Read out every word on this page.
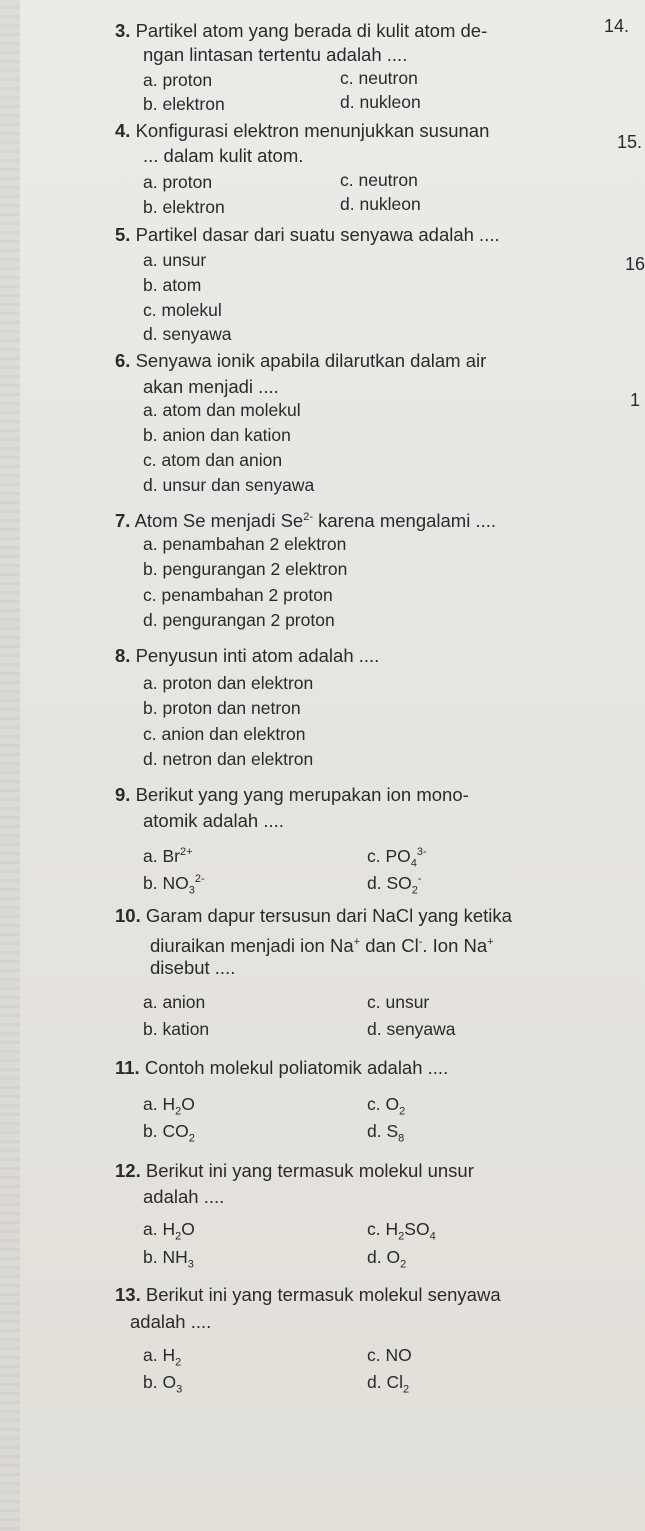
14.
15.
16
1
3. Partikel atom yang berada di kulit atom de-
ngan lintasan tertentu adalah ....
a. proton
b. elektron
c. neutron
d. nukleon
4. Konfigurasi elektron menunjukkan susunan
... dalam kulit atom.
a. proton
b. elektron
c. neutron
d. nukleon
5. Partikel dasar dari suatu senyawa adalah ....
a. unsur
b. atom
c. molekul
d. senyawa
6. Senyawa ionik apabila dilarutkan dalam air
akan menjadi ....
a. atom dan molekul
b. anion dan kation
c. atom dan anion
d. unsur dan senyawa
7. Atom Se menjadi $Se^{2-}$ karena mengalami ....
a. penambahan 2 elektron
b. pengurangan 2 elektron
c. penambahan 2 proton
d. pengurangan 2 proton
8. Penyusun inti atom adalah ....
a. proton dan elektron
b. proton dan netron
c. anion dan elektron
d. netron dan elektron
9. Berikut yang yang merupakan ion mono-
atomik adalah ....
a. $Br^{2+}$
b. $NO_3^{2-}$
c. $PO_4^{3-}$
d. $SO_2^-$
10. Garam dapur tersusun dari NaCl yang ketika
diuraikan menjadi ion Na+ dan Cl-. Ion Na+
disebut ....
a. anion
b. kation
c. unsur
d. senyawa
11. Contoh molekul poliatomik adalah ....
a. $H_2O$
b. $CO_2$
c. $O_2$
d. $S_8$
12. Berikut ini yang termasuk molekul unsur
adalah ....
a. $H_2O$
b. $NH_3$
c. $H_2SO_4$
d. $O_2$
13. Berikut ini yang termasuk molekul senyawa
adalah ....
a. $H_2$
b. $O_3$
c. NO
d. $Cl_2$
